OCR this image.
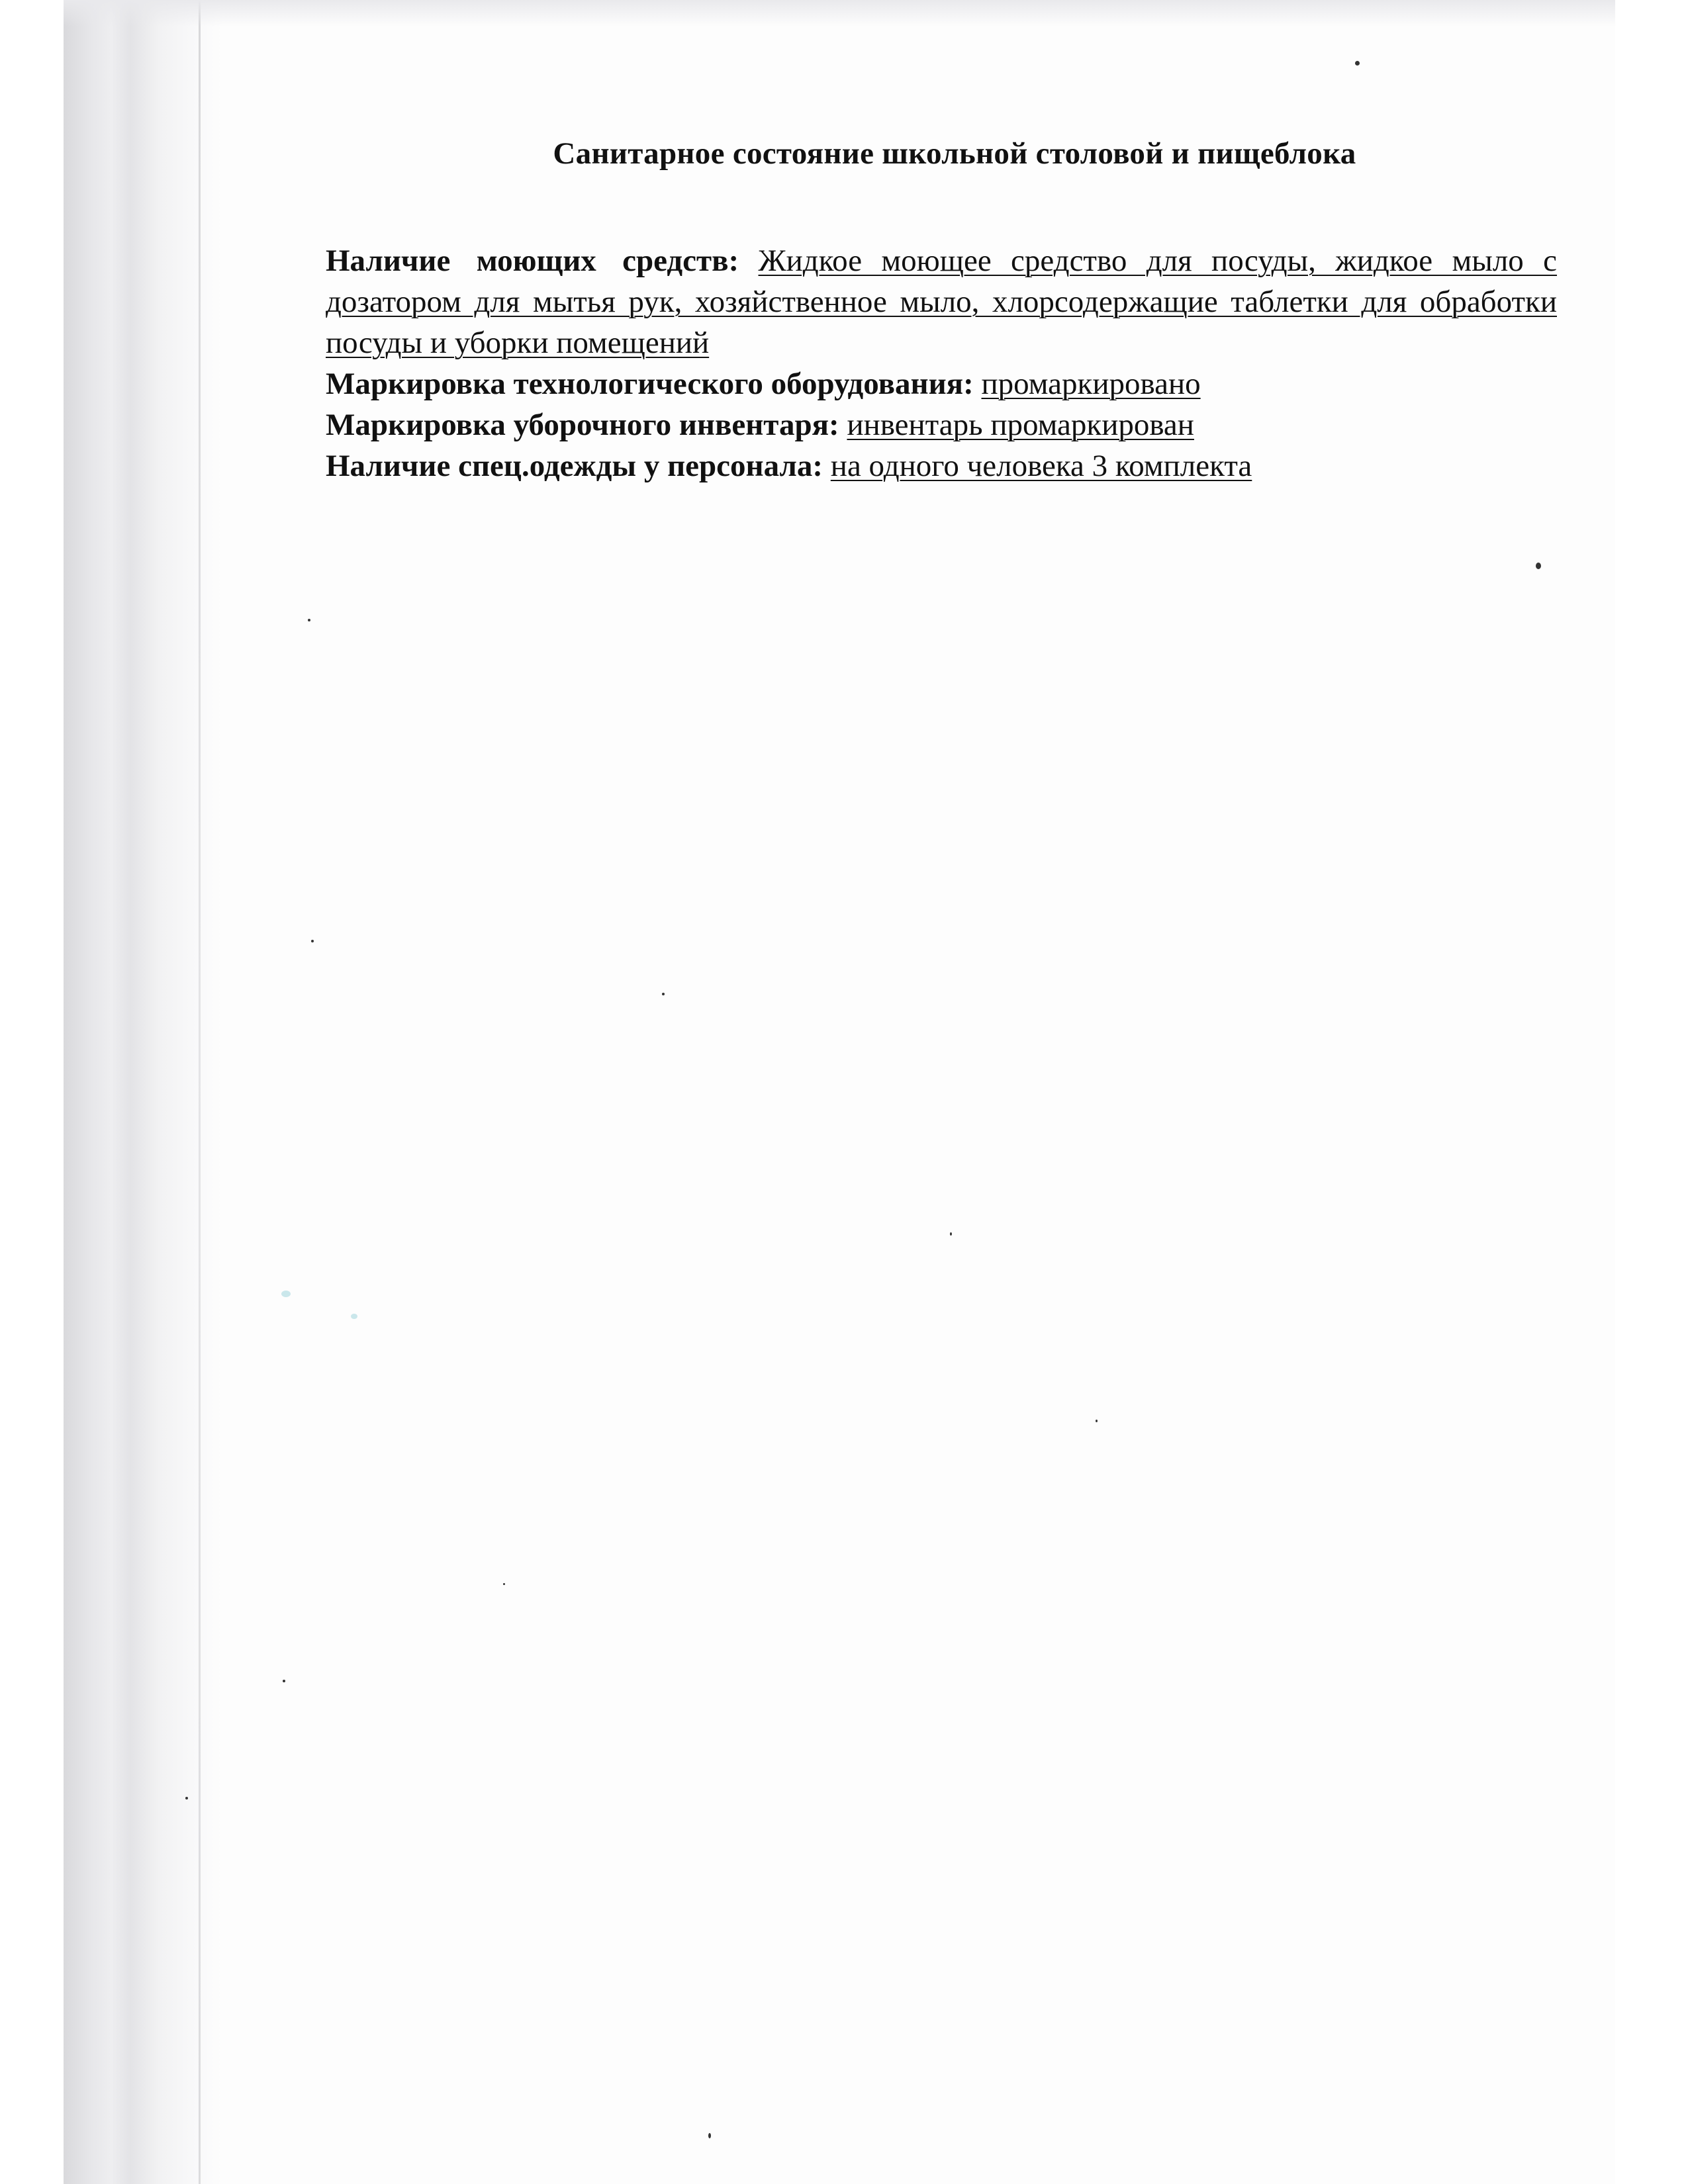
Санитарное состояние школьной столовой и пищеблока

Наличие моющих средств: Жидкое моющее средство для посуды, жидкое мыло с дозатором для мытья рук, хозяйственное мыло, хлорсодержащие таблетки для обработки посуды и уборки помещений

Маркировка технологического оборудования: промаркировано

Маркировка уборочного инвентаря: инвентарь промаркирован

Наличие спец.одежды у персонала: на одного человека 3 комплекта
